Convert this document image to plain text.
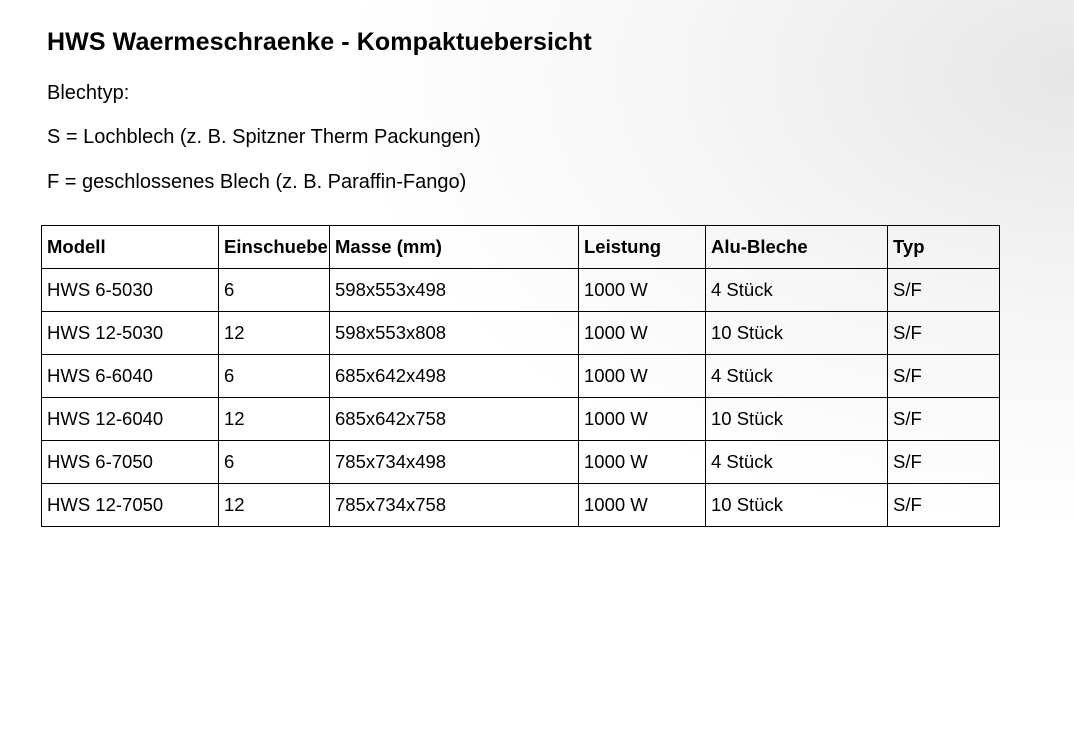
HWS Waermeschraenke - Kompaktuebersicht
Blechtyp:
S = Lochblech (z. B. Spitzner Therm Packungen)
F = geschlossenes Blech (z. B. Paraffin-Fango)
Modell	Einschuebe	Masse (mm)	Leistung	Alu-Bleche	Typ
HWS 6-5030	6	598x553x498	1000 W	4 Stück	S/F
HWS 12-5030	12	598x553x808	1000 W	10 Stück	S/F
HWS 6-6040	6	685x642x498	1000 W	4 Stück	S/F
HWS 12-6040	12	685x642x758	1000 W	10 Stück	S/F
HWS 6-7050	6	785x734x498	1000 W	4 Stück	S/F
HWS 12-7050	12	785x734x758	1000 W	10 Stück	S/F
